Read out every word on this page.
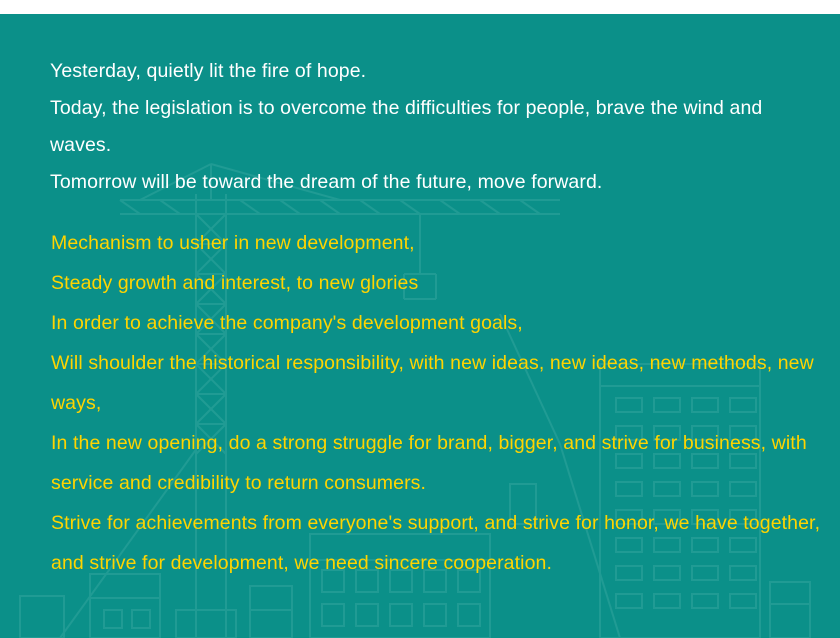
Yesterday, quietly lit the fire of hope.

Today, the legislation is to overcome the difficulties for people, brave the wind and waves.

Tomorrow will be toward the dream of the future, move forward.

Mechanism to usher in new development,

Steady growth and interest, to new glories

In order to achieve the company's development goals,

Will shoulder the historical responsibility, with new ideas, new ideas, new methods, new ways,

In the new opening, do a strong struggle for brand, bigger, and strive for business, with service and credibility to return consumers.

Strive for achievements from everyone's support, and strive for honor, we have together, and strive for development, we need sincere cooperation.
